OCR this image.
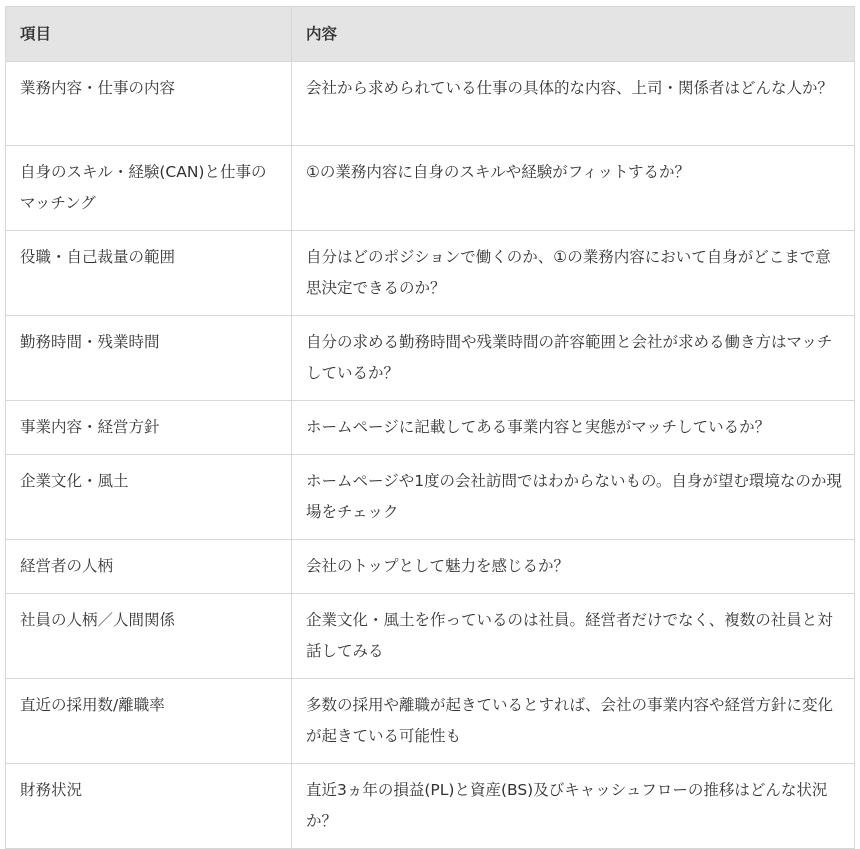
項目	内容
業務内容・仕事の内容	会社から求められている仕事の具体的な内容、上司・関係者はどんな人か？
自身のスキル・経験(CAN)と仕事のマッチング	①の業務内容に自身のスキルや経験がフィットするか？
役職・自己裁量の範囲	自分はどのポジションで働くのか、①の業務内容において自身がどこまで意思決定できるのか？
勤務時間・残業時間	自分の求める勤務時間や残業時間の許容範囲と会社が求める働き方はマッチしているか？
事業内容・経営方針	ホームページに記載してある事業内容と実態がマッチしているか？
企業文化・風土	ホームページや1度の会社訪問ではわからないもの。自身が望む環境なのか現場をチェック
経営者の人柄	会社のトップとして魅力を感じるか？
社員の人柄／人間関係	企業文化・風土を作っているのは社員。経営者だけでなく、複数の社員と対話してみる
直近の採用数/離職率	多数の採用や離職が起きているとすれば、会社の事業内容や経営方針に変化が起きている可能性も
財務状況	直近3ヵ年の損益(PL)と資産(BS)及びキャッシュフローの推移はどんな状況か？
